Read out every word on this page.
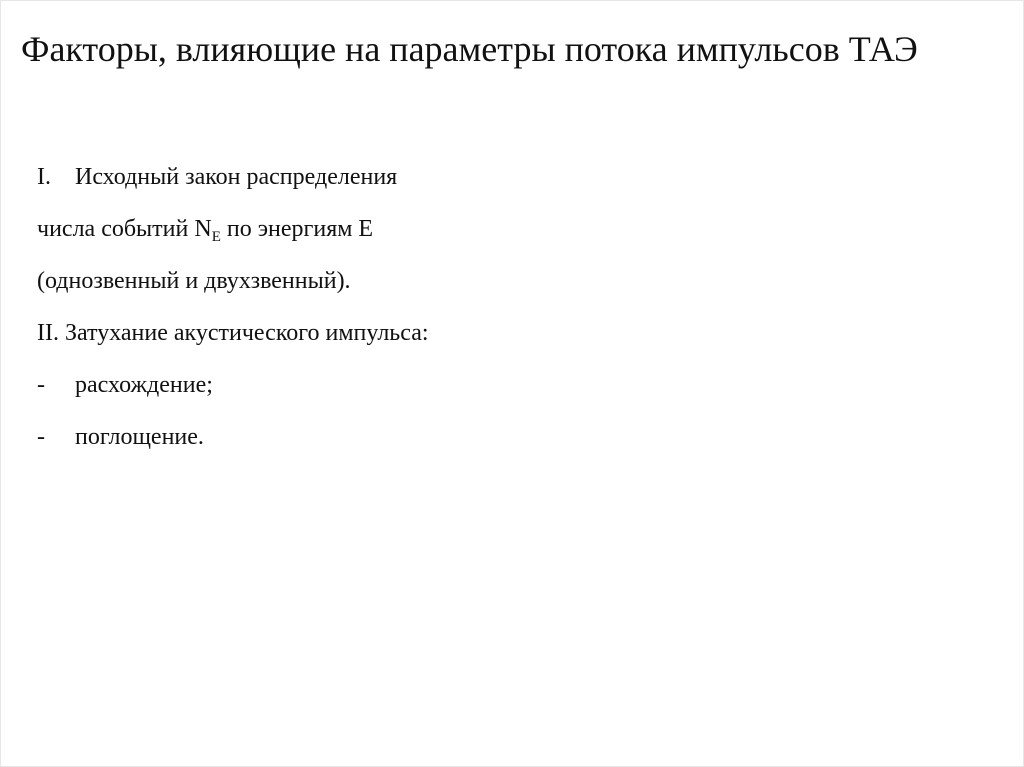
Факторы, влияющие на параметры потока импульсов ТАЭ
I. Исходный закон распределения
числа событий $N_E$ по энергиям Е
(однозвенный и двухзвенный).
II. Затухание акустического импульса:
- расхождение;
- поглощение.
